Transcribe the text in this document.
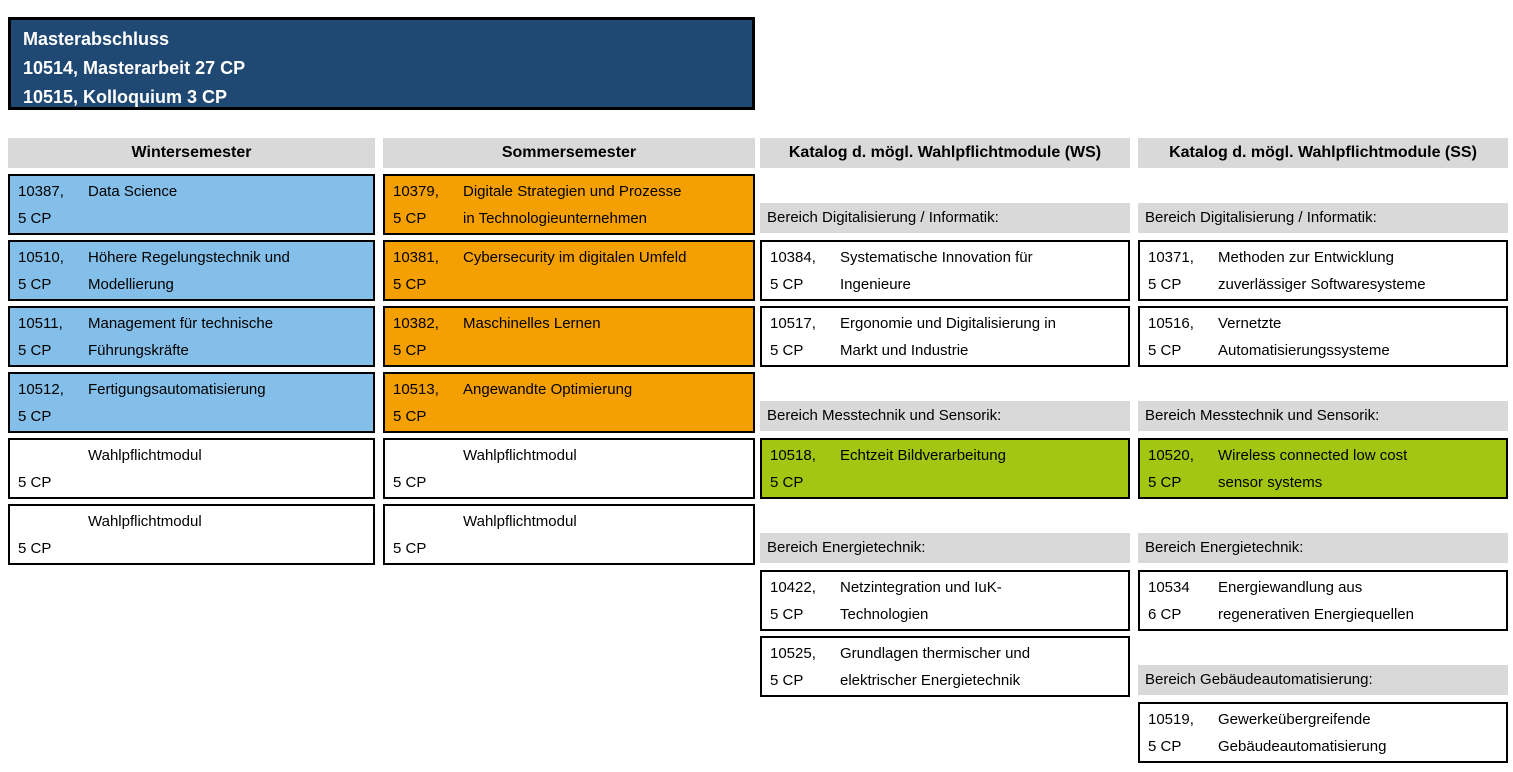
Masterabschluss
10514, Masterarbeit 27 CP
10515, Kolloquium 3 CP
Wintersemester
10387,	Data Science
5 CP
10510,	Höhere Regelungstechnik und
5 CP	Modellierung
10511,	Management für technische
5 CP	Führungskräfte
10512,	Fertigungsautomatisierung
5 CP
Wahlpflichtmodul
5 CP
Wahlpflichtmodul
5 CP
Sommersemester
10379,	Digitale Strategien und Prozesse
5 CP	in Technologieunternehmen
10381,	Cybersecurity im digitalen Umfeld
5 CP
10382,	Maschinelles Lernen
5 CP
10513,	Angewandte Optimierung
5 CP
Wahlpflichtmodul
5 CP
Wahlpflichtmodul
5 CP
Katalog d. mögl. Wahlpflichtmodule (WS)
Bereich Digitalisierung / Informatik:
10384,	Systematische Innovation für
5 CP	Ingenieure
10517,	Ergonomie und Digitalisierung in
5 CP	Markt und Industrie
Bereich Messtechnik und Sensorik:
10518,	Echtzeit Bildverarbeitung
5 CP
Bereich Energietechnik:
10422,	Netzintegration und IuK-
5 CP	Technologien
10525,	Grundlagen thermischer und
5 CP	elektrischer Energietechnik
Katalog d. mögl. Wahlpflichtmodule (SS)
Bereich Digitalisierung / Informatik:
10371,	Methoden zur Entwicklung
5 CP	zuverlässiger Softwaresysteme
10516,	Vernetzte
5 CP	Automatisierungssysteme
Bereich Messtechnik und Sensorik:
10520,	Wireless connected low cost
5 CP	sensor systems
Bereich Energietechnik:
10534	Energiewandlung aus
6 CP	regenerativen Energiequellen
Bereich Gebäudeautomatisierung:
10519,	Gewerkeübergreifende
5 CP	Gebäudeautomatisierung
